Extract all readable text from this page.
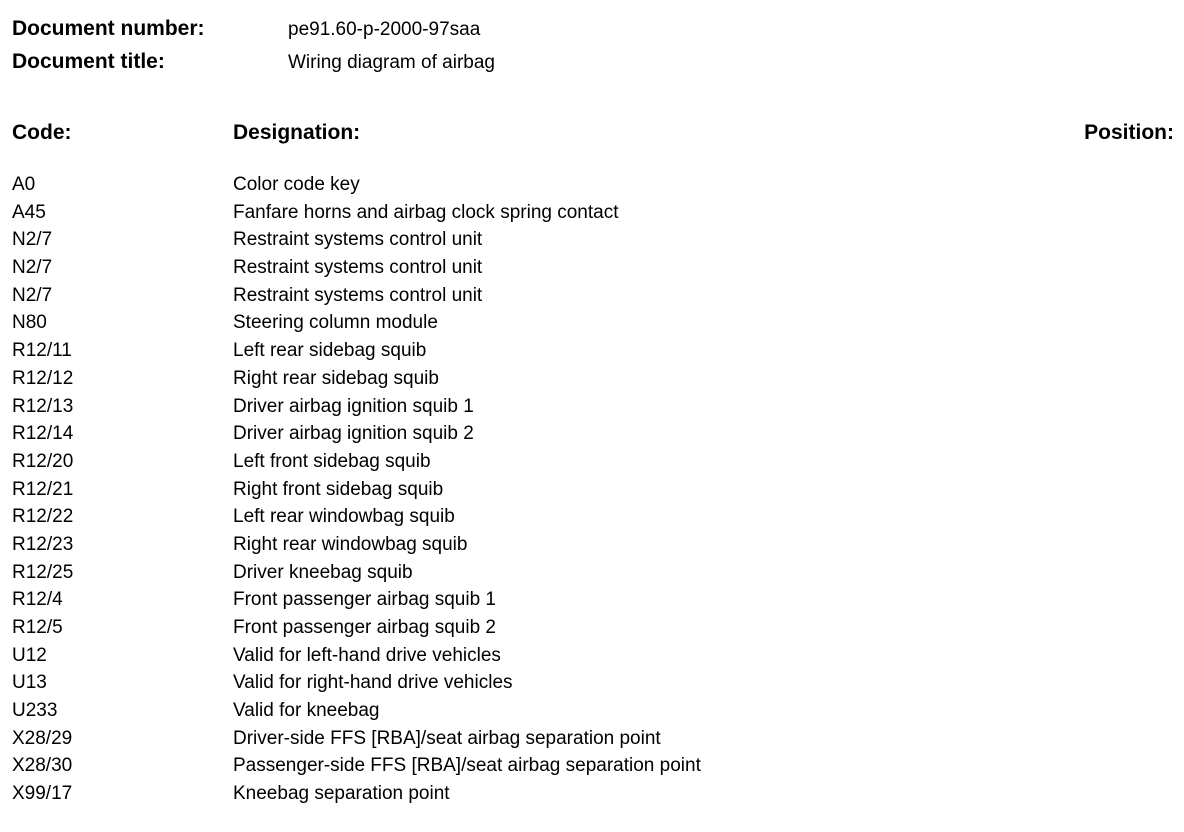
Document number:	pe91.60-p-2000-97saa
Document title:	Wiring diagram of airbag
Code:	Designation:	Position:
A0	Color code key
A45	Fanfare horns and airbag clock spring contact
N2/7	Restraint systems control unit
N2/7	Restraint systems control unit
N2/7	Restraint systems control unit
N80	Steering column module
R12/11	Left rear sidebag squib
R12/12	Right rear sidebag squib
R12/13	Driver airbag ignition squib 1
R12/14	Driver airbag ignition squib 2
R12/20	Left front sidebag squib
R12/21	Right front sidebag squib
R12/22	Left rear windowbag squib
R12/23	Right rear windowbag squib
R12/25	Driver kneebag squib
R12/4	Front passenger airbag squib 1
R12/5	Front passenger airbag squib 2
U12	Valid for left-hand drive vehicles
U13	Valid for right-hand drive vehicles
U233	Valid for kneebag
X28/29	Driver-side FFS [RBA]/seat airbag separation point
X28/30	Passenger-side FFS [RBA]/seat airbag separation point
X99/17	Kneebag separation point
